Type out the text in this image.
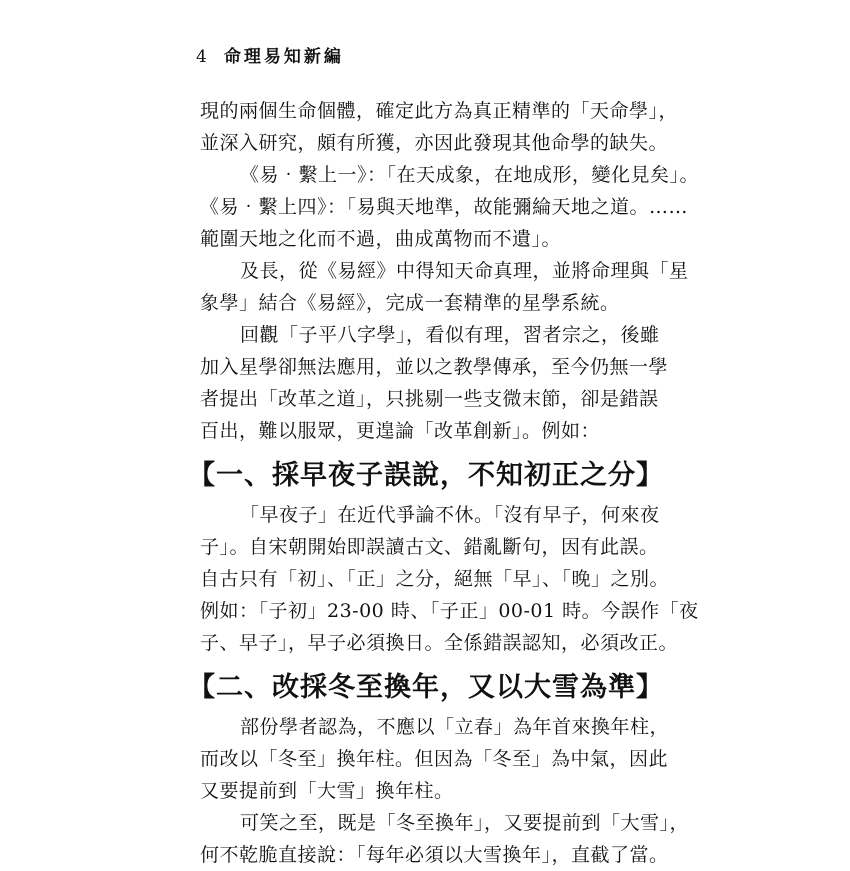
4 命理易知新編

現的兩個生命個體，確定此方為真正精準的「天命學」，

並深入研究，頗有所獲，亦因此發現其他命學的缺失。

《易‧繫上一》：「在天成象，在地成形，變化見矣」。

《易‧繫上四》：「易與天地準，故能彌綸天地之道。……

範圍天地之化而不過，曲成萬物而不遺」。

及長，從《易經》中得知天命真理，並將命理與「星

象學」結合《易經》，完成一套精準的星學系統。

回觀「子平八字學」，看似有理，習者宗之，後雖

加入星學卻無法應用，並以之教學傳承，至今仍無一學

者提出「改革之道」，只挑剔一些支微末節，卻是錯誤

百出，難以服眾，更遑論「改革創新」。例如：

【一、採早夜子誤說，不知初正之分】

「早夜子」在近代爭論不休。「沒有早子，何來夜

子」。自宋朝開始即誤讀古文、錯亂斷句，因有此誤。

自古只有「初」、「正」之分，絕無「早」、「晚」之別。

例如：「子初」23-00 時、「子正」00-01 時。今誤作「夜

子、早子」，早子必須換日。全係錯誤認知，必須改正。

【二、改採冬至換年，又以大雪為準】

部份學者認為，不應以「立春」為年首來換年柱，

而改以「冬至」換年柱。但因為「冬至」為中氣，因此

又要提前到「大雪」換年柱。

可笑之至，既是「冬至換年」，又要提前到「大雪」，

何不乾脆直接說：「每年必須以大雪換年」，直截了當。
